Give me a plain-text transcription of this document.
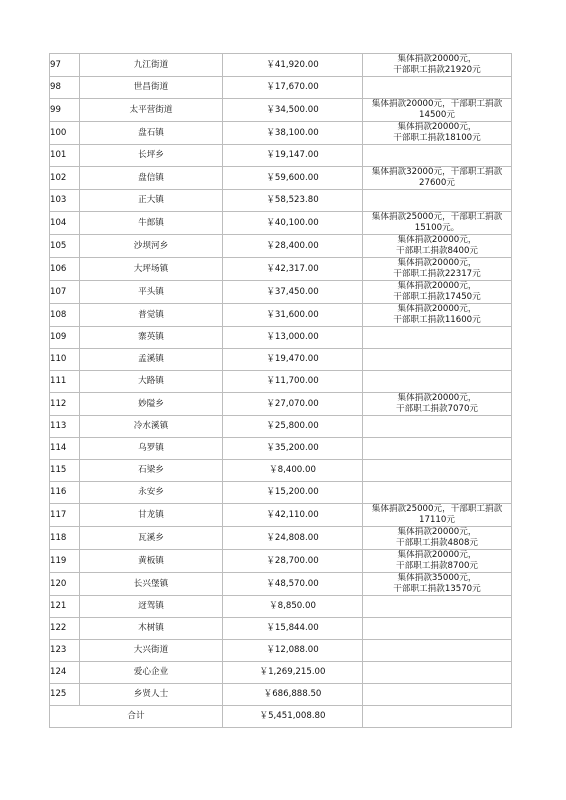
97	九江街道	￥41,920.00	集体捐款20000元，
干部职工捐款21920元
98	世昌街道	￥17,670.00	
99	太平营街道	￥34,500.00	集体捐款20000元，干部职工捐款
14500元
100	盘石镇	￥38,100.00	集体捐款20000元，
干部职工捐款18100元
101	长坪乡	￥19,147.00	
102	盘信镇	￥59,600.00	集体捐款32000元，干部职工捐款
27600元
103	正大镇	￥58,523.80	
104	牛郎镇	￥40,100.00	集体捐款25000元，干部职工捐款
15100元。
105	沙坝河乡	￥28,400.00	集体捐款20000元，
干部职工捐款8400元
106	大坪场镇	￥42,317.00	集体捐款20000元，
干部职工捐款22317元
107	平头镇	￥37,450.00	集体捐款20000元，
干部职工捐款17450元
108	普觉镇	￥31,600.00	集体捐款20000元，
干部职工捐款11600元
109	寨英镇	￥13,000.00	
110	孟溪镇	￥19,470.00	
111	大路镇	￥11,700.00	
112	妙隘乡	￥27,070.00	集体捐款20000元，
干部职工捐款7070元
113	冷水溪镇	￥25,800.00	
114	乌罗镇	￥35,200.00	
115	石梁乡	￥8,400.00	
116	永安乡	￥15,200.00	
117	甘龙镇	￥42,110.00	集体捐款25000元，干部职工捐款
17110元
118	瓦溪乡	￥24,808.00	集体捐款20000元，
干部职工捐款4808元
119	黄板镇	￥28,700.00	集体捐款20000元，
干部职工捐款8700元
120	长兴堡镇	￥48,570.00	集体捐款35000元，
干部职工捐款13570元
121	迓驾镇	￥8,850.00	
122	木树镇	￥15,844.00	
123	大兴街道	￥12,088.00	
124	爱心企业	￥1,269,215.00	
125	乡贤人士	￥686,888.50	
合计		￥5,451,008.80	
